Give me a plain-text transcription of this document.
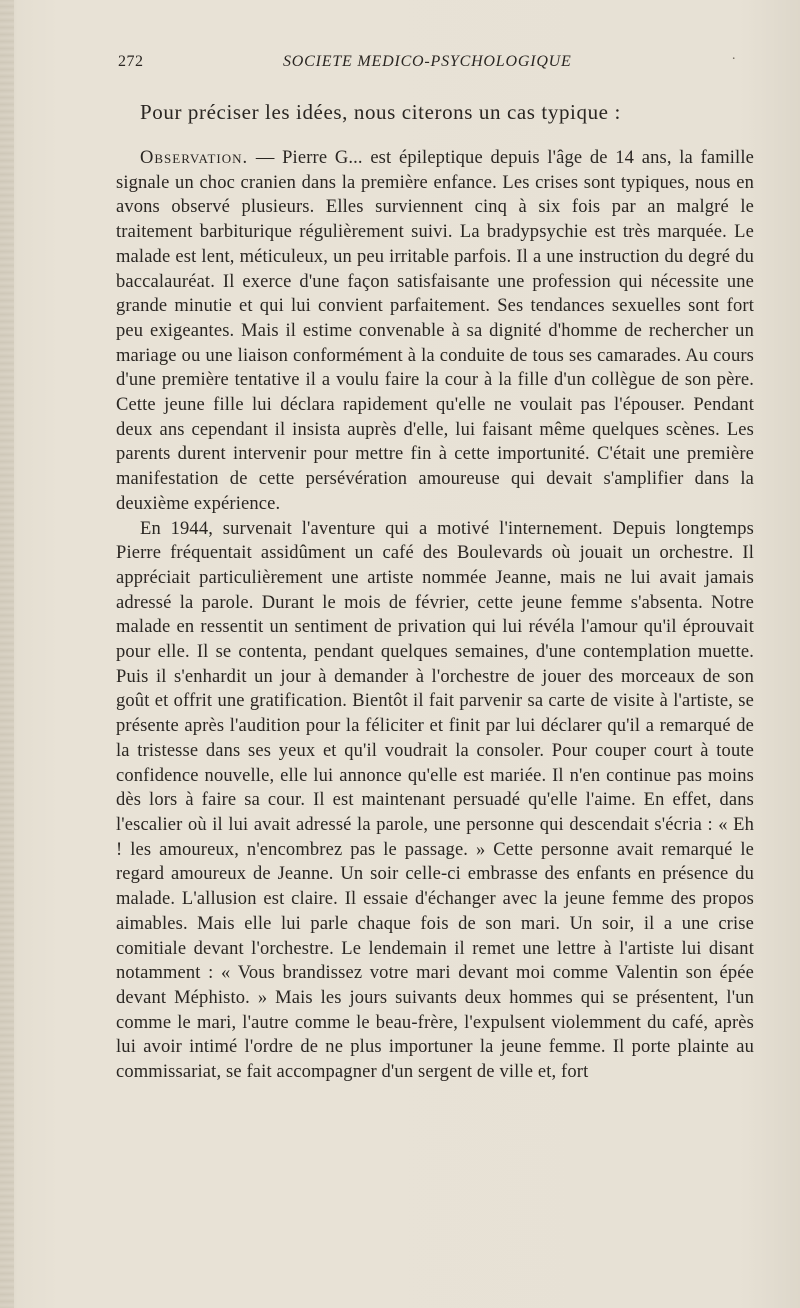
272	SOCIETE MEDICO-PSYCHOLOGIQUE	·
Pour préciser les idées, nous citerons un cas typique :

Observation. — Pierre G... est épileptique depuis l'âge de 14 ans, la famille signale un choc cranien dans la première enfance. Les crises sont typiques, nous en avons observé plusieurs. Elles surviennent cinq à six fois par an malgré le traitement barbiturique régulièrement suivi. La bradypsychie est très marquée. Le malade est lent, méticuleux, un peu irritable parfois. Il a une instruction du degré du baccalauréat. Il exerce d'une façon satisfaisante une profession qui nécessite une grande minutie et qui lui convient parfaitement. Ses tendances sexuelles sont fort peu exigeantes. Mais il estime convenable à sa dignité d'homme de rechercher un mariage ou une liaison conformément à la conduite de tous ses camarades. Au cours d'une première tentative il a voulu faire la cour à la fille d'un collègue de son père. Cette jeune fille lui déclara rapidement qu'elle ne voulait pas l'épouser. Pendant deux ans cependant il insista auprès d'elle, lui faisant même quelques scènes. Les parents durent intervenir pour mettre fin à cette importunité. C'était une première manifestation de cette persévération amoureuse qui devait s'amplifier dans la deuxième expérience.

En 1944, survenait l'aventure qui a motivé l'internement. Depuis longtemps Pierre fréquentait assidûment un café des Boulevards où jouait un orchestre. Il appréciait particulièrement une artiste nommée Jeanne, mais ne lui avait jamais adressé la parole. Durant le mois de février, cette jeune femme s'absenta. Notre malade en ressentit un sentiment de privation qui lui révéla l'amour qu'il éprouvait pour elle. Il se contenta, pendant quelques semaines, d'une contemplation muette. Puis il s'enhardit un jour à demander à l'orchestre de jouer des morceaux de son goût et offrit une gratification. Bientôt il fait parvenir sa carte de visite à l'artiste, se présente après l'audition pour la féliciter et finit par lui déclarer qu'il a remarqué de la tristesse dans ses yeux et qu'il voudrait la consoler. Pour couper court à toute confidence nouvelle, elle lui annonce qu'elle est mariée. Il n'en continue pas moins dès lors à faire sa cour. Il est maintenant persuadé qu'elle l'aime. En effet, dans l'escalier où il lui avait adressé la parole, une personne qui descendait s'écria : « Eh ! les amoureux, n'encombrez pas le passage. » Cette personne avait remarqué le regard amoureux de Jeanne. Un soir celle-ci embrasse des enfants en présence du malade. L'allusion est claire. Il essaie d'échanger avec la jeune femme des propos aimables. Mais elle lui parle chaque fois de son mari. Un soir, il a une crise comitiale devant l'orchestre. Le lendemain il remet une lettre à l'artiste lui disant notamment : « Vous brandissez votre mari devant moi comme Valentin son épée devant Méphisto. » Mais les jours suivants deux hommes qui se présentent, l'un comme le mari, l'autre comme le beau-frère, l'expulsent violemment du café, après lui avoir intimé l'ordre de ne plus importuner la jeune femme. Il porte plainte au commissariat, se fait accompagner d'un sergent de ville et, fort
